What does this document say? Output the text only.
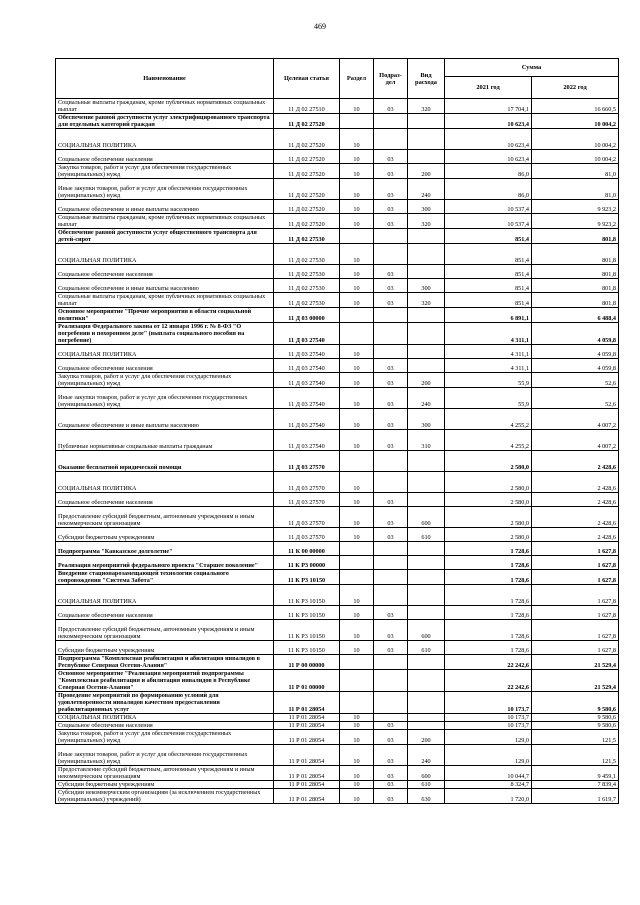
469
Наименование	Целевая статья	Раздел	Подраз-дел	Вид расхода	Сумма	
					2021 год	2022 год
Социальные выплаты гражданам, кроме публичных нормативных социальных выплат	11 Д 02 27510	10	03	320	17 704,1	16 660,5
Обеспечение равной доступности услуг электрифицированного транспорта для отдельных категорий граждан	11 Д 02 27520				10 623,4	10 004,2
СОЦИАЛЬНАЯ ПОЛИТИКА	11 Д 02 27520	10			10 623,4	10 004,2
Социальное обеспечение населения	11 Д 02 27520	10	03		10 623,4	10 004,2
Закупка товаров, работ и услуг для обеспечения государственных (муниципальных) нужд	11 Д 02 27520	10	03	200	86,0	81,0
Иные закупки товаров, работ и услуг для обеспечения государственных (муниципальных) нужд	11 Д 02 27520	10	03	240	86,0	81,0
Социальное обеспечение и иные выплаты населению	11 Д 02 27520	10	03	300	10 537,4	9 923,2
Социальные выплаты гражданам, кроме публичных нормативных социальных выплат	11 Д 02 27520	10	03	320	10 537,4	9 923,2
Обеспечение равной доступности услуг общественного транспорта для детей-сирот	11 Д 02 27530				851,4	801,8
СОЦИАЛЬНАЯ ПОЛИТИКА	11 Д 02 27530	10			851,4	801,8
Социальное обеспечение населения	11 Д 02 27530	10	03		851,4	801,8
Социальное обеспечение и иные выплаты населению	11 Д 02 27530	10	03	300	851,4	801,8
Социальные выплаты гражданам, кроме публичных нормативных социальных выплат	11 Д 02 27530	10	03	320	851,4	801,8
Основное мероприятие "Прочие мероприятия в области социальной политики"	11 Д 03 00000				6 891,1	6 488,4
Реализация Федерального закона от 12 января 1996 г. № 8-ФЗ "О погребении и похоронном деле" (выплата социального пособия на погребение)	11 Д 03 27540				4 311,1	4 059,8
СОЦИАЛЬНАЯ ПОЛИТИКА	11 Д 03 27540	10			4 311,1	4 059,8
Социальное обеспечение населения	11 Д 03 27540	10	03		4 311,1	4 059,8
Закупка товаров, работ и услуг для обеспечения государственных (муниципальных) нужд	11 Д 03 27540	10	03	200	55,9	52,6
Иные закупки товаров, работ и услуг для обеспечения государственных (муниципальных) нужд	11 Д 03 27540	10	03	240	55,9	52,6
Социальное обеспечение и иные выплаты населению	11 Д 03 27540	10	03	300	4 255,2	4 007,2
Публичные нормативные социальные выплаты гражданам	11 Д 03 27540	10	03	310	4 255,2	4 007,2
Оказание бесплатной юридической помощи	11 Д 03 27570				2 580,0	2 428,6
СОЦИАЛЬНАЯ ПОЛИТИКА	11 Д 03 27570	10			2 580,0	2 428,6
Социальное обеспечение населения	11 Д 03 27570	10	03		2 580,0	2 428,6
Предоставление субсидий бюджетным, автономным учреждениям и иным некоммерческим организациям	11 Д 03 27570	10	03	600	2 580,0	2 428,6
Субсидии бюджетным учреждениям	11 Д 03 27570	10	03	610	2 580,0	2 428,6
Подпрограмма "Кавказское долголетие"	11 К 00 00000				1 728,6	1 627,8
Реализация мероприятий федерального проекта "Старшее поколение"	11 К P3 00000				1 728,6	1 627,8
Внедрение стационарозамещающей технологии социального сопровождения "Система Забота"	11 К P3 10150				1 728,6	1 627,8
СОЦИАЛЬНАЯ ПОЛИТИКА	11 К P3 10150	10			1 728,6	1 627,8
Социальное обеспечение населения	11 К P3 10150	10	03		1 728,6	1 627,8
Предоставление субсидий бюджетным, автономным учреждениям и иным некоммерческим организациям	11 К P3 10150	10	03	600	1 728,6	1 627,8
Субсидии бюджетным учреждениям	11 К P3 10150	10	03	610	1 728,6	1 627,8
Подпрограмма "Комплексная реабилитация и абилитация инвалидов в Республике Северная Осетия-Алания"	11 Р 00 00000				22 242,6	21 529,4
Основное мероприятие "Реализация мероприятий подпрограммы "Комплексная реабилитация и абилитация инвалидов в Республике Северная Осетия-Алания"	11 Р 01 00000				22 242,6	21 529,4
Проведение мероприятий по формированию условий для удовлетворенности инвалидов качеством предоставления реабилитационных услуг	11 Р 01 28054				10 173,7	9 580,6
СОЦИАЛЬНАЯ ПОЛИТИКА	11 Р 01 28054	10			10 173,7	9 580,6
Социальное обеспечение населения	11 Р 01 28054	10	03		10 173,7	9 580,6
Закупка товаров, работ и услуг для обеспечения государственных (муниципальных) нужд	11 Р 01 28054	10	03	200	129,0	121,5
Иные закупки товаров, работ и услуг для обеспечения государственных (муниципальных) нужд	11 Р 01 28054	10	03	240	129,0	121,5
Предоставление субсидий бюджетным, автономным учреждениям и иным некоммерческим организациям	11 Р 01 28054	10	03	600	10 044,7	9 459,1
Субсидии бюджетным учреждениям	11 Р 01 28054	10	03	610	8 324,7	7 839,4
Субсидии некоммерческим организациям (за исключением государственных (муниципальных) учреждений)	11 Р 01 28054	10	03	630	1 720,0	1 619,7
